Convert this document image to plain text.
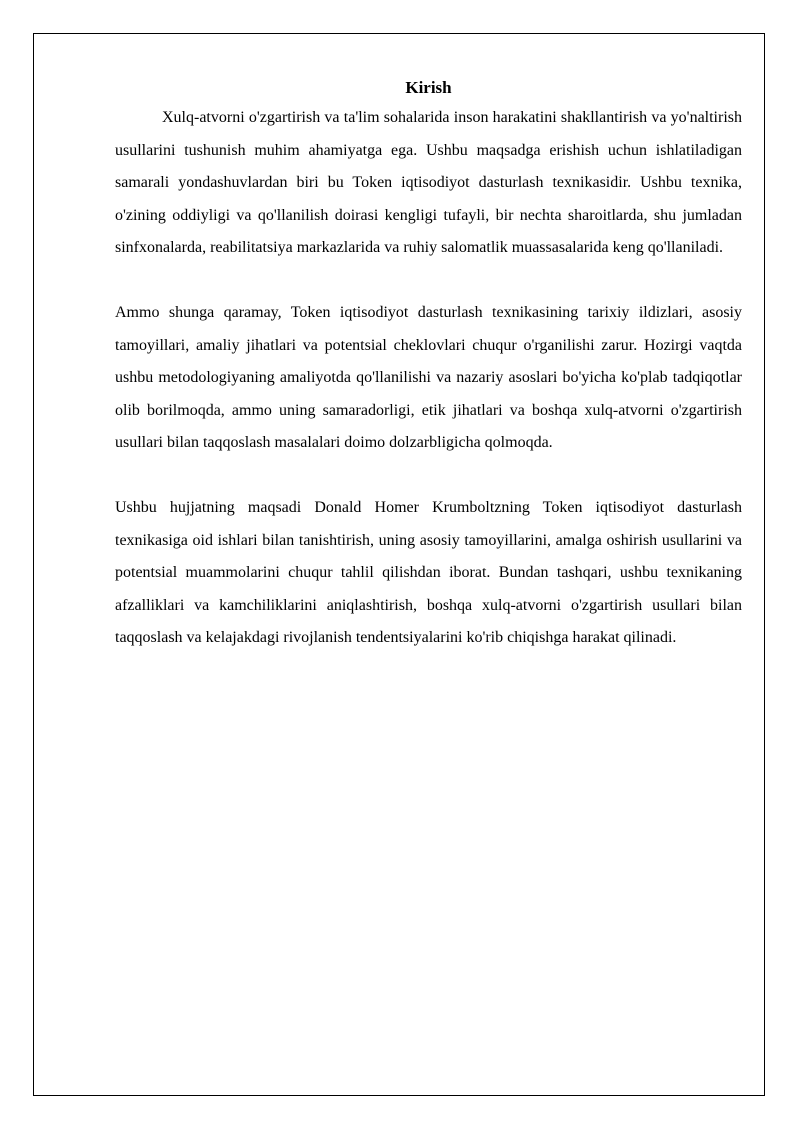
Kirish

Xulq-atvorni o'zgartirish va ta'lim sohalarida inson harakatini shakllantirish va yo'naltirish usullarini tushunish muhim ahamiyatga ega. Ushbu maqsadga erishish uchun ishlatiladigan samarali yondashuvlardan biri bu Token iqtisodiyot dasturlash texnikasidir. Ushbu texnika, o'zining oddiyligi va qo'llanilish doirasi kengligi tufayli, bir nechta sharoitlarda, shu jumladan sinfxonalarda, reabilitatsiya markazlarida va ruhiy salomatlik muassasalarida keng qo'llaniladi.

Ammo shunga qaramay, Token iqtisodiyot dasturlash texnikasining tarixiy ildizlari, asosiy tamoyillari, amaliy jihatlari va potentsial cheklovlari chuqur o'rganilishi zarur. Hozirgi vaqtda ushbu metodologiyaning amaliyotda qo'llanilishi va nazariy asoslari bo'yicha ko'plab tadqiqotlar olib borilmoqda, ammo uning samaradorligi, etik jihatlari va boshqa xulq-atvorni o'zgartirish usullari bilan taqqoslash masalalari doimo dolzarbligicha qolmoqda.

Ushbu hujjatning maqsadi Donald Homer Krumboltzning Token iqtisodiyot dasturlash texnikasiga oid ishlari bilan tanishtirish, uning asosiy tamoyillarini, amalga oshirish usullarini va potentsial muammolarini chuqur tahlil qilishdan iborat. Bundan tashqari, ushbu texnikaning afzalliklari va kamchiliklarini aniqlashtirish, boshqa xulq-atvorni o'zgartirish usullari bilan taqqoslash va kelajakdagi rivojlanish tendentsiyalarini ko'rib chiqishga harakat qilinadi.
